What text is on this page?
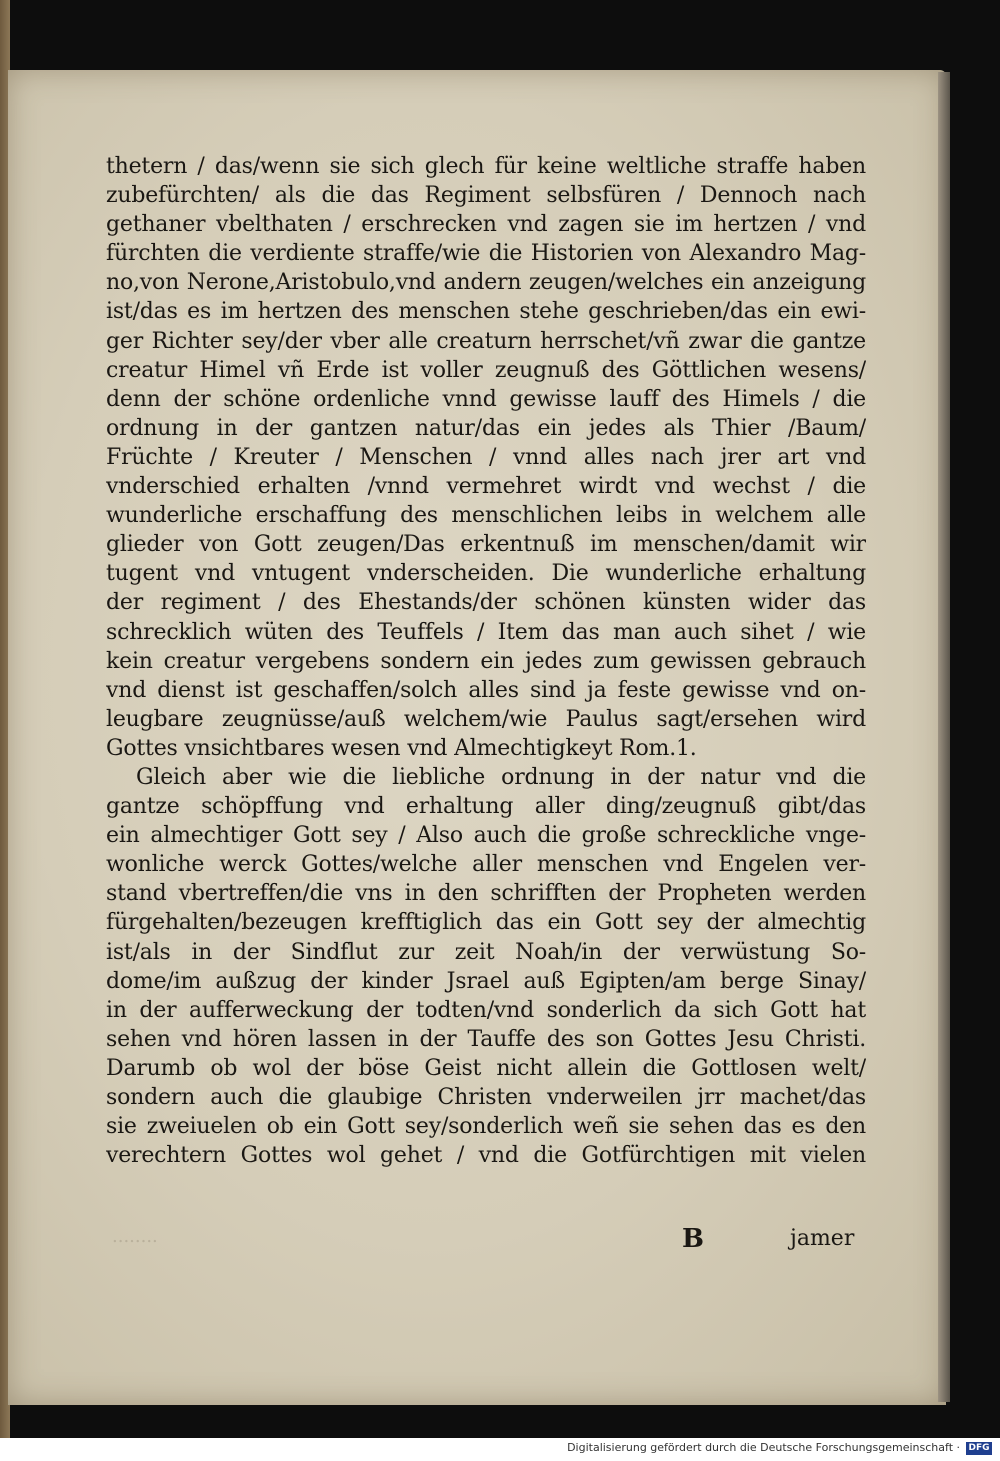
thetern / das/wenn sie sich glech für keine weltliche straffe haben
zubefürchten/ als die das Regiment selbsfüren / Dennoch nach
gethaner vbelthaten / erschrecken vnd zagen sie im hertzen / vnd
fürchten die verdiente straffe/wie die Historien von Alexandro Mag-
no,von Nerone,Aristobulo,vnd andern zeugen/welches ein anzeigung
ist/das es im hertzen des menschen stehe geschrieben/das ein ewi-
ger Richter sey/der vber alle creaturn herrschet/vñ zwar die gantze
creatur Himel vñ Erde ist voller zeugnuß des Göttlichen wesens/
denn der schöne ordenliche vnnd gewisse lauff des Himels / die
ordnung in der gantzen natur/das ein jedes als Thier /Baum/
Früchte / Kreuter / Menschen / vnnd alles nach jrer art vnd
vnderschied erhalten /vnnd vermehret wirdt vnd wechst / die
wunderliche erschaffung des menschlichen leibs in welchem alle
glieder von Gott zeugen/Das erkentnuß im menschen/damit wir
tugent vnd vntugent vnderscheiden. Die wunderliche erhaltung
der regiment / des Ehestands/der schönen künsten wider das
schrecklich wüten des Teuffels / Item das man auch sihet / wie
kein creatur vergebens sondern ein jedes zum gewissen gebrauch
vnd dienst ist geschaffen/solch alles sind ja feste gewisse vnd on-
leugbare zeugnüsse/auß welchem/wie Paulus sagt/ersehen wird
Gottes vnsichtbares wesen vnd Almechtigkeyt Rom.1.
Gleich aber wie die liebliche ordnung in der natur vnd die
gantze schöpffung vnd erhaltung aller ding/zeugnuß gibt/das
ein almechtiger Gott sey / Also auch die große schreckliche vnge-
wonliche werck Gottes/welche aller menschen vnd Engelen ver-
stand vbertreffen/die vns in den schrifften der Propheten werden
fürgehalten/bezeugen krefftiglich das ein Gott sey der almechtig
ist/als in der Sindflut zur zeit Noah/in der verwüstung So-
dome/im außzug der kinder Jsrael auß Egipten/am berge Sinay/
in der aufferweckung der todten/vnd sonderlich da sich Gott hat
sehen vnd hören lassen in der Tauffe des son Gottes Jesu Christi.
Darumb ob wol der böse Geist nicht allein die Gottlosen welt/
sondern auch die glaubige Christen vnderweilen jrr machet/das
sie zweiuelen ob ein Gott sey/sonderlich weñ sie sehen das es den
verechtern Gottes wol gehet / vnd die Gotfürchtigen mit vielen
........	B	jamer
Digitalisierung gefördert durch die Deutsche Forschungsgemeinschaft · DFG
